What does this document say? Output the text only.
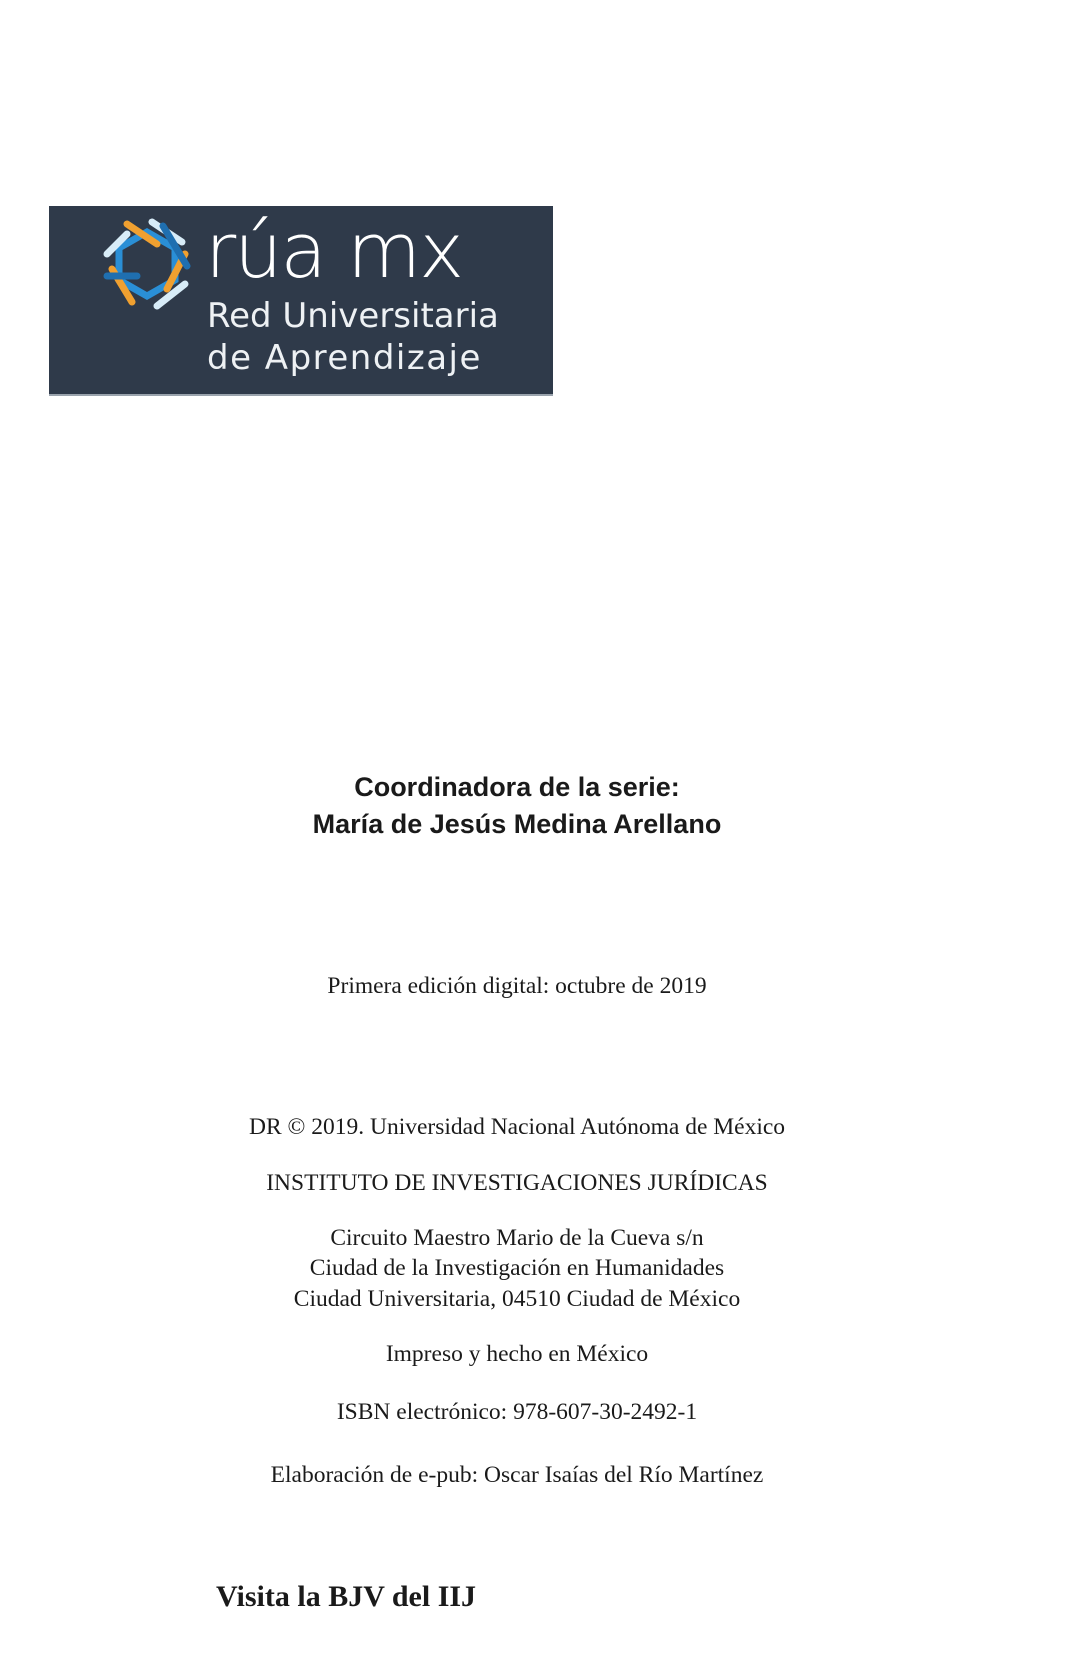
rúa mx
Red Universitaria
de Aprendizaje
Coordinadora de la serie:
María de Jesús Medina Arellano
Primera edición digital: octubre de 2019
DR © 2019. Universidad Nacional Autónoma de México
INSTITUTO DE INVESTIGACIONES JURÍDICAS
Circuito Maestro Mario de la Cueva s/n
Ciudad de la Investigación en Humanidades
Ciudad Universitaria, 04510 Ciudad de México
Impreso y hecho en México
ISBN electrónico: 978-607-30-2492-1
Elaboración de e-pub: Oscar Isaías del Río Martínez
Visita la BJV del IIJ
